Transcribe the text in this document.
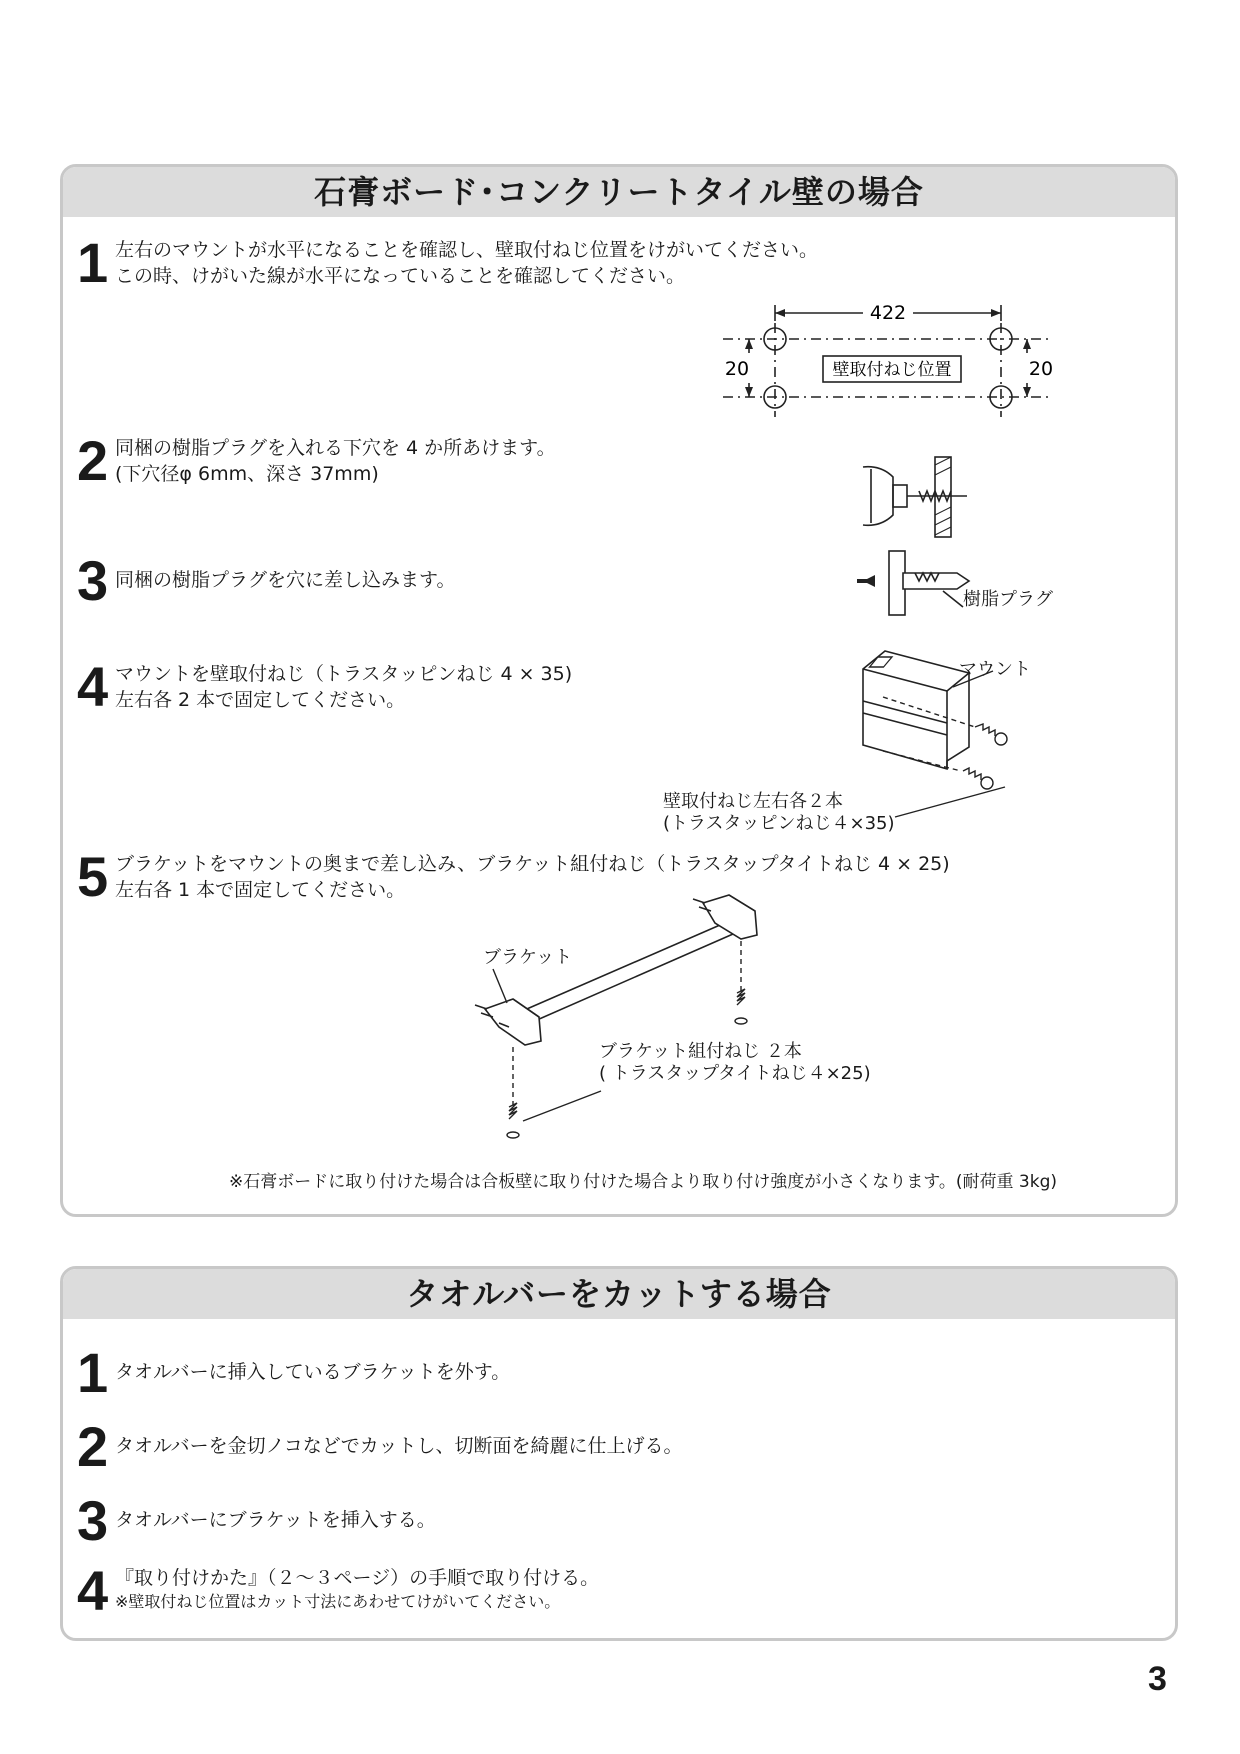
石膏ボード･コンクリートタイル壁の場合
1 左右のマウントが水平になることを確認し、壁取付ねじ位置をけがいてください。
この時、けがいた線が水平になっていることを確認してください。
422
20	20
壁取付ねじ位置
2 同梱の樹脂プラグを入れる下穴を 4 か所あけます。
(下穴径φ 6mm、深さ 37mm)
3 同梱の樹脂プラグを穴に差し込みます。
樹脂プラグ
4 マウントを壁取付ねじ（トラスタッピンねじ 4 × 35)
左右各 2 本で固定してください。
マウント
壁取付ねじ左右各２本
(トラスタッピンねじ４×35)
5 ブラケットをマウントの奥まで差し込み、ブラケット組付ねじ（トラスタップタイトねじ 4 × 25)
左右各 1 本で固定してください。
ブラケット
ブラケット組付ねじ ２本
( トラスタップタイトねじ４×25)
※石膏ボードに取り付けた場合は合板壁に取り付けた場合より取り付け強度が小さくなります。(耐荷重 3kg)
タオルバーをカットする場合
1 タオルバーに挿入しているブラケットを外す。
2 タオルバーを金切ノコなどでカットし、切断面を綺麗に仕上げる。
3 タオルバーにブラケットを挿入する。
4 『取り付けかた』（２～３ページ）の手順で取り付ける。
※壁取付ねじ位置はカット寸法にあわせてけがいてください。
3
